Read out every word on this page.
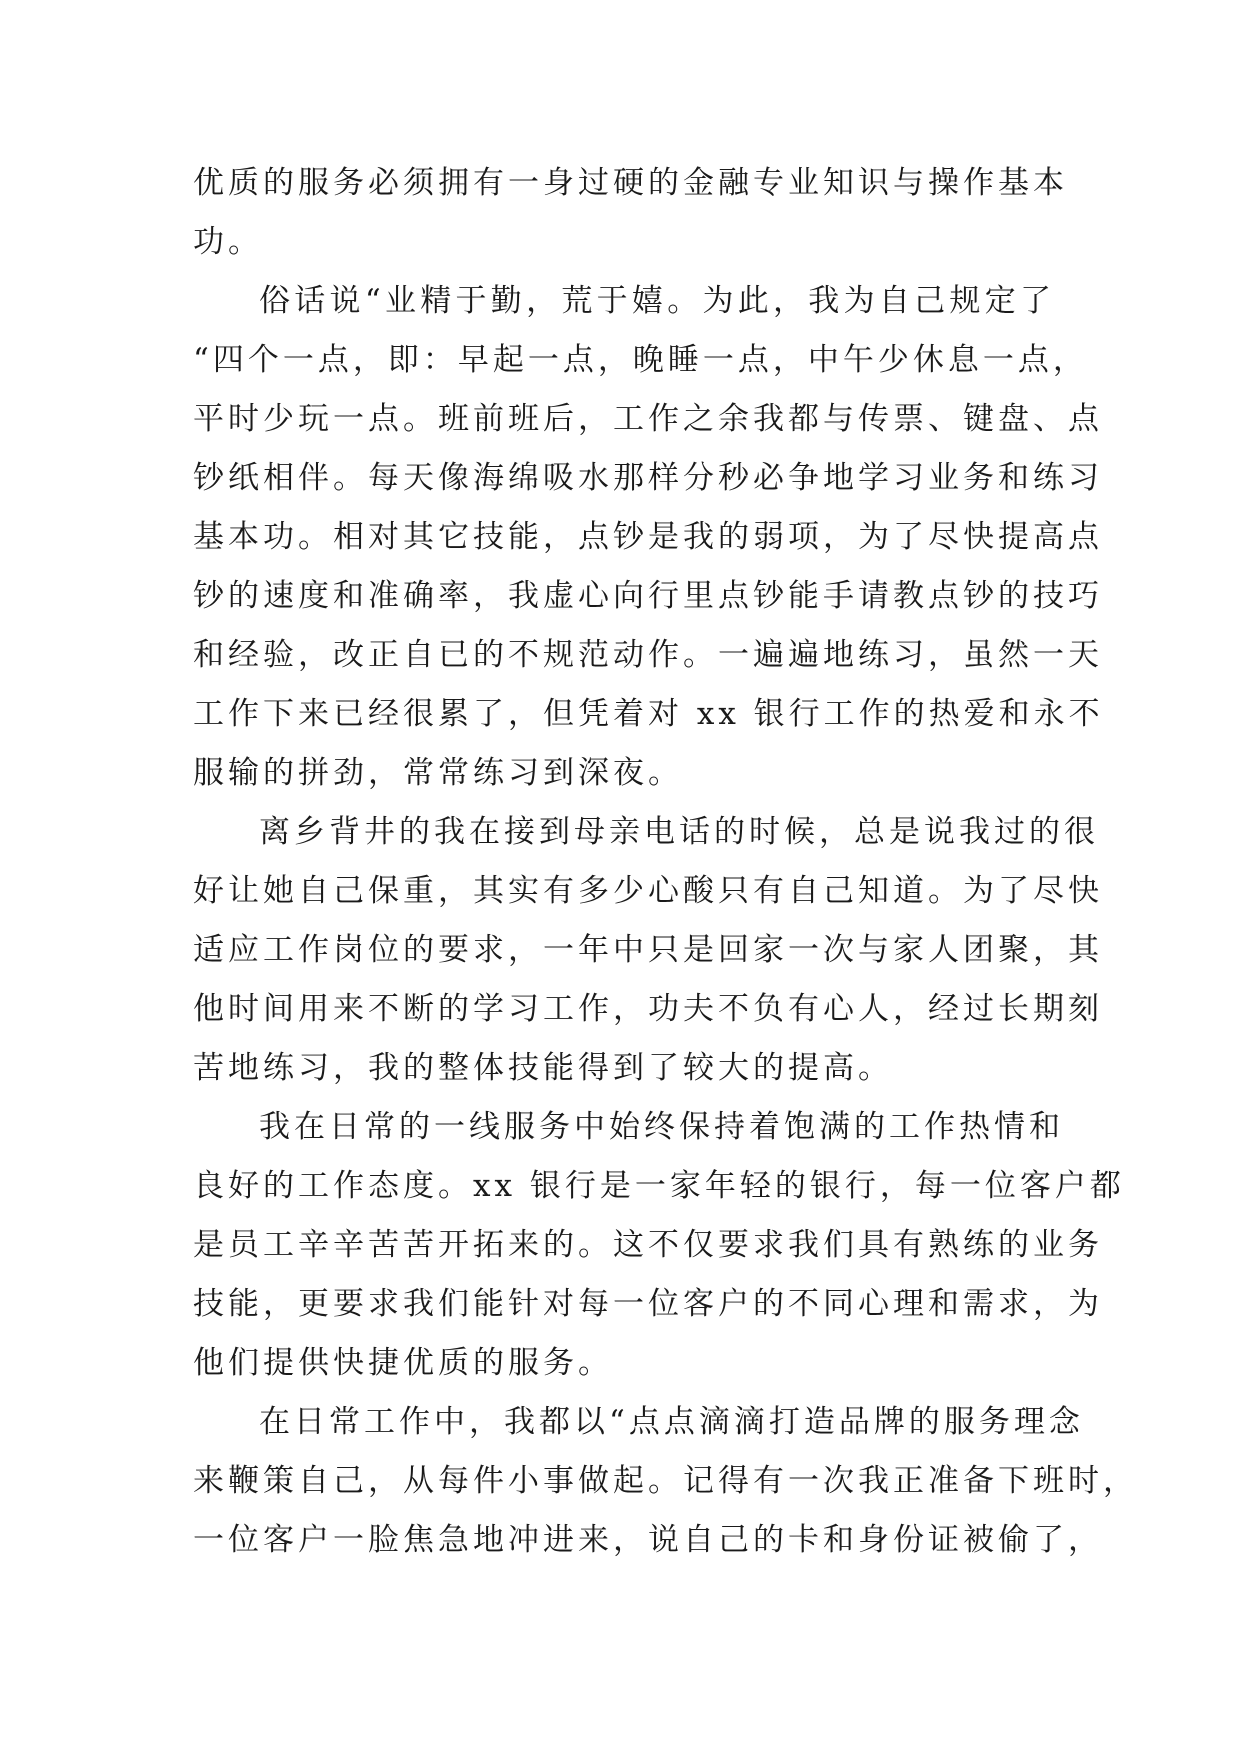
优质的服务必须拥有一身过硬的金融专业知识与操作基本
功。
俗话说“业精于勤，荒于嬉。为此，我为自己规定了
“四个一点，即：早起一点，晚睡一点，中午少休息一点，
平时少玩一点。班前班后，工作之余我都与传票、键盘、点
钞纸相伴。每天像海绵吸水那样分秒必争地学习业务和练习
基本功。相对其它技能，点钞是我的弱项，为了尽快提高点
钞的速度和准确率，我虚心向行里点钞能手请教点钞的技巧
和经验，改正自已的不规范动作。一遍遍地练习，虽然一天
工作下来已经很累了，但凭着对 xx 银行工作的热爱和永不
服输的拼劲，常常练习到深夜。
离乡背井的我在接到母亲电话的时候，总是说我过的很
好让她自己保重，其实有多少心酸只有自己知道。为了尽快
适应工作岗位的要求，一年中只是回家一次与家人团聚，其
他时间用来不断的学习工作，功夫不负有心人，经过长期刻
苦地练习，我的整体技能得到了较大的提高。
我在日常的一线服务中始终保持着饱满的工作热情和
良好的工作态度。xx 银行是一家年轻的银行，每一位客户都
是员工辛辛苦苦开拓来的。这不仅要求我们具有熟练的业务
技能，更要求我们能针对每一位客户的不同心理和需求，为
他们提供快捷优质的服务。
在日常工作中，我都以“点点滴滴打造品牌的服务理念
来鞭策自己，从每件小事做起。记得有一次我正准备下班时，
一位客户一脸焦急地冲进来，说自己的卡和身份证被偷了，
